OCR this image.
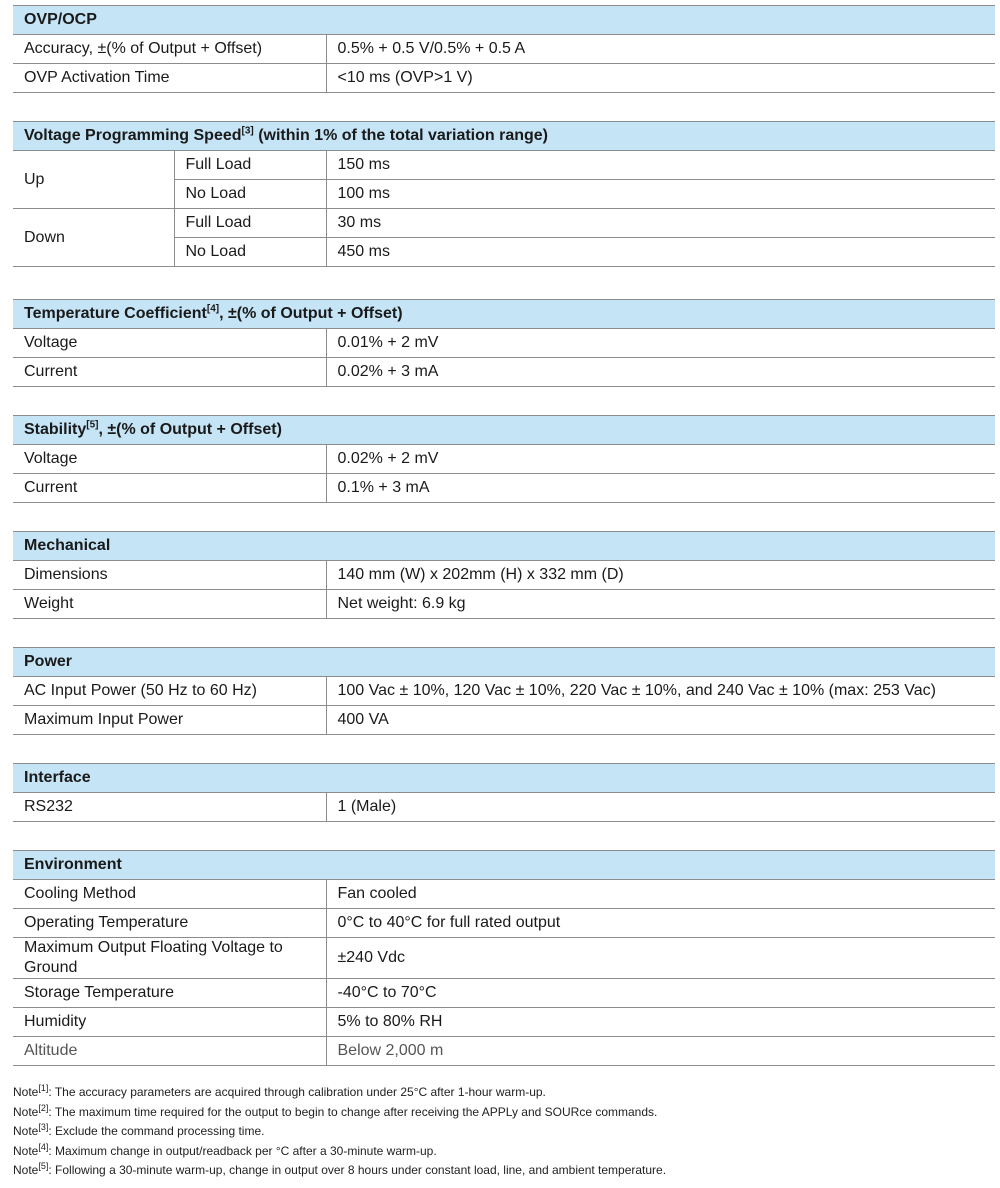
OVP/OCP		
Accuracy, ±(% of Output + Offset)		0.5% + 0.5 V/0.5% + 0.5 A
OVP Activation Time		<10 ms (OVP>1 V)

Voltage Programming Speed[3] (within 1% of the total variation range)		
Up	Full Load	150 ms
	No Load	100 ms
Down	Full Load	30 ms
	No Load	450 ms

Temperature Coefficient[4], ±(% of Output + Offset)		
Voltage		0.01% + 2 mV
Current		0.02% + 3 mA

Stability[5], ±(% of Output + Offset)		
Voltage		0.02% + 2 mV
Current		0.1% + 3 mA

Mechanical		
Dimensions		140 mm (W) x 202mm (H) x 332 mm (D)
Weight		Net weight: 6.9 kg

Power		
AC Input Power (50 Hz to 60 Hz)		100 Vac ± 10%, 120 Vac ± 10%, 220 Vac ± 10%, and 240 Vac ± 10% (max: 253 Vac)
Maximum Input Power		400 VA

Interface		
RS232		1 (Male)

Environment		
Cooling Method		Fan cooled
Operating Temperature		0°C to 40°C for full rated output

Maximum Output Floating Voltage to Ground		±240 Vdc
Storage Temperature		-40°C to 70°C
Humidity		5% to 80% RH
Altitude		Below 2,000 m
Note[1]: The accuracy parameters are acquired through calibration under 25°C after 1-hour warm-up.
Note[2]: The maximum time required for the output to begin to change after receiving the APPLy and SOURce commands.
Note[3]: Exclude the command processing time.
Note[4]: Maximum change in output/readback per °C after a 30-minute warm-up.
Note[5]: Following a 30-minute warm-up, change in output over 8 hours under constant load, line, and ambient temperature.
